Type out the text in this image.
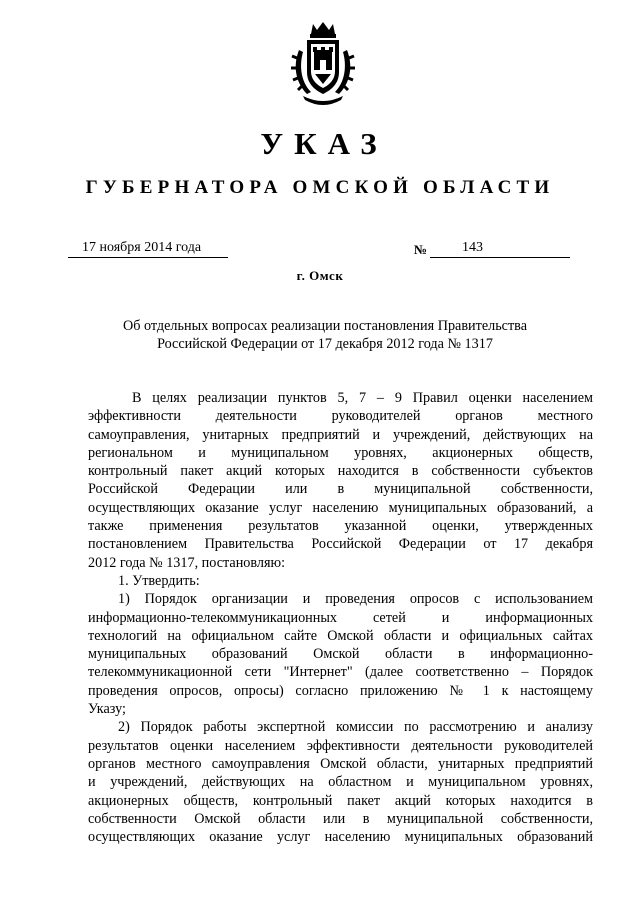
УКАЗ
ГУБЕРНАТОРА ОМСКОЙ ОБЛАСТИ
17 ноября 2014 года	№	143
г. Омск
Об отдельных вопросах реализации постановления Правительства
Российской Федерации от 17 декабря 2012 года № 1317
В целях реализации пунктов 5, 7 – 9 Правил оценки населением
эффективности деятельности руководителей органов местного
самоуправления, унитарных предприятий и учреждений, действующих на
региональном и муниципальном уровнях, акционерных обществ,
контрольный пакет акций которых находится в собственности субъектов
Российской Федерации или в муниципальной собственности,
осуществляющих оказание услуг населению муниципальных образований, а
также применения результатов указанной оценки, утвержденных
постановлением Правительства Российской Федерации от 17 декабря
2012 года № 1317, постановляю:
1. Утвердить:
1) Порядок организации и проведения опросов с использованием
информационно-телекоммуникационных сетей и информационных
технологий на официальном сайте Омской области и официальных сайтах
муниципальных образований Омской области в информационно-
телекоммуникационной сети "Интернет" (далее соответственно – Порядок
проведения опросов, опросы) согласно приложению № 1 к настоящему
Указу;
2) Порядок работы экспертной комиссии по рассмотрению и анализу
результатов оценки населением эффективности деятельности руководителей
органов местного самоуправления Омской области, унитарных предприятий
и учреждений, действующих на областном и муниципальном уровнях,
акционерных обществ, контрольный пакет акций которых находится в
собственности Омской области или в муниципальной собственности,
осуществляющих оказание услуг населению муниципальных образований
